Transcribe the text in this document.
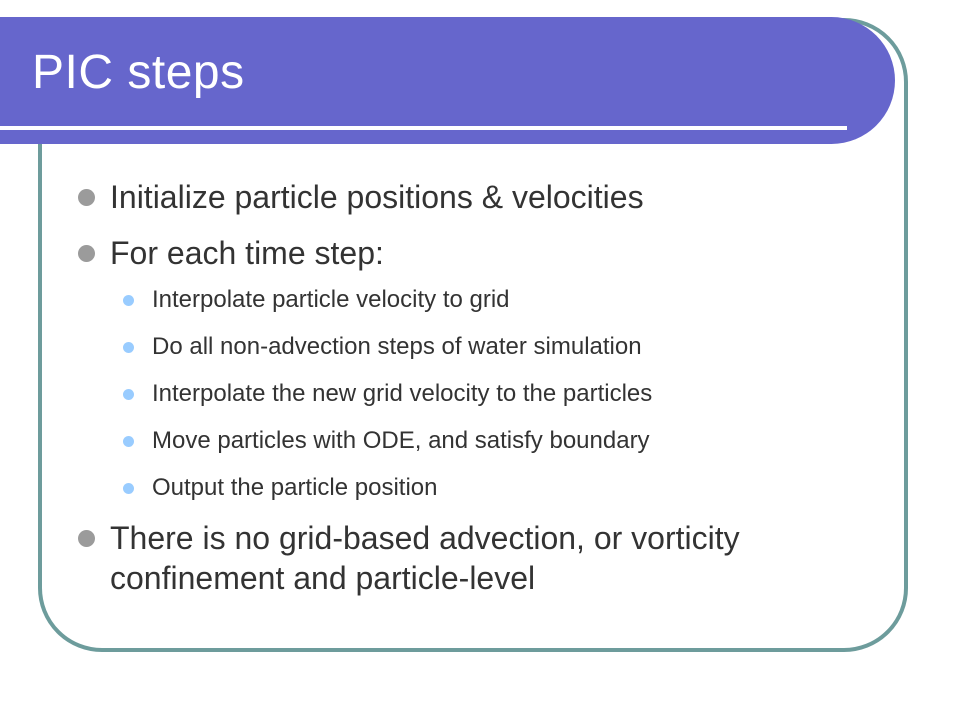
PIC steps
Initialize particle positions & velocities
For each time step:
Interpolate particle velocity to grid
Do all non-advection steps of water simulation
Interpolate the new grid velocity to the particles
Move particles with ODE, and satisfy boundary
Output the particle position
There is no grid-based advection, or vorticity confinement and particle-level
